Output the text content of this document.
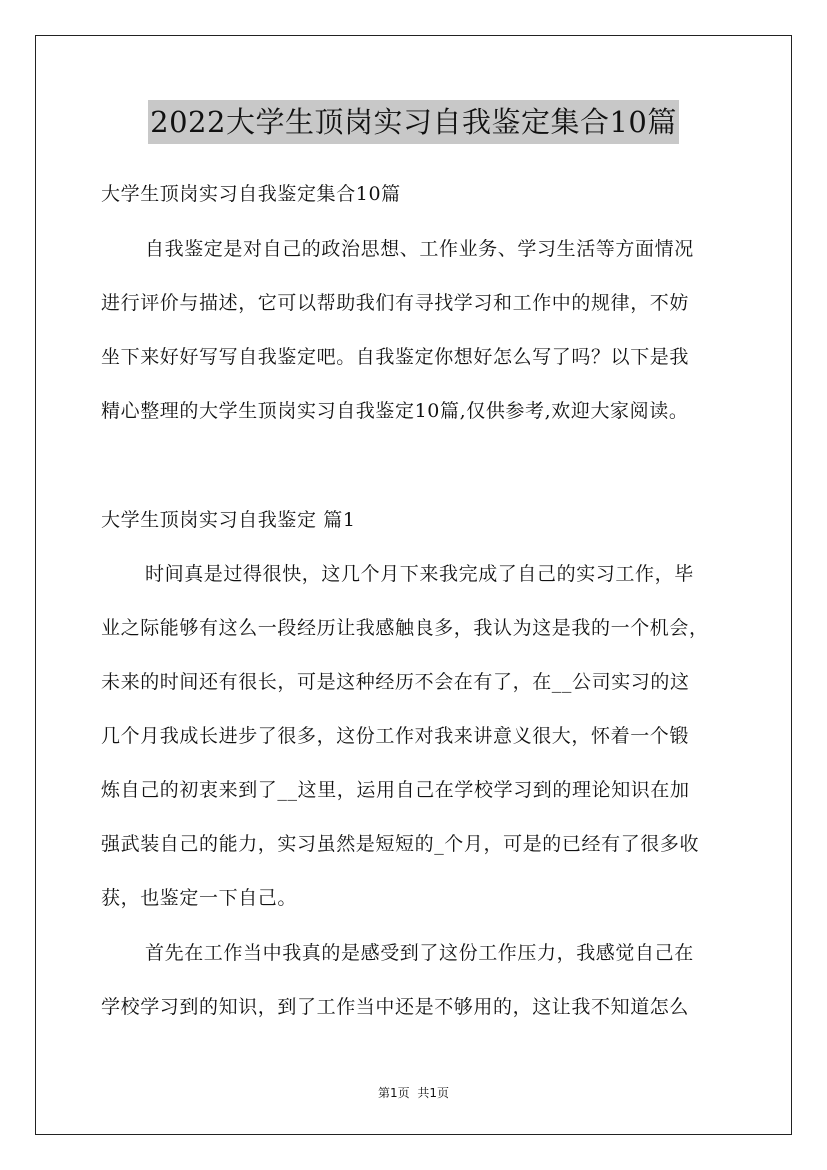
2022大学生顶岗实习自我鉴定集合10篇
大学生顶岗实习自我鉴定集合10篇
自我鉴定是对自己的政治思想、工作业务、学习生活等方面情况
进行评价与描述，它可以帮助我们有寻找学习和工作中的规律，不妨
坐下来好好写写自我鉴定吧。自我鉴定你想好怎么写了吗？以下是我
精心整理的大学生顶岗实习自我鉴定10篇,仅供参考,欢迎大家阅读。
大学生顶岗实习自我鉴定 篇1
时间真是过得很快，这几个月下来我完成了自己的实习工作，毕
业之际能够有这么一段经历让我感触良多，我认为这是我的一个机会，
未来的时间还有很长，可是这种经历不会在有了，在__公司实习的这
几个月我成长进步了很多，这份工作对我来讲意义很大，怀着一个锻
炼自己的初衷来到了__这里，运用自己在学校学习到的理论知识在加
强武装自己的能力，实习虽然是短短的_个月，可是的已经有了很多收
获，也鉴定一下自己。
首先在工作当中我真的是感受到了这份工作压力，我感觉自己在
学校学习到的知识，到了工作当中还是不够用的，这让我不知道怎么
第1页 共1页
